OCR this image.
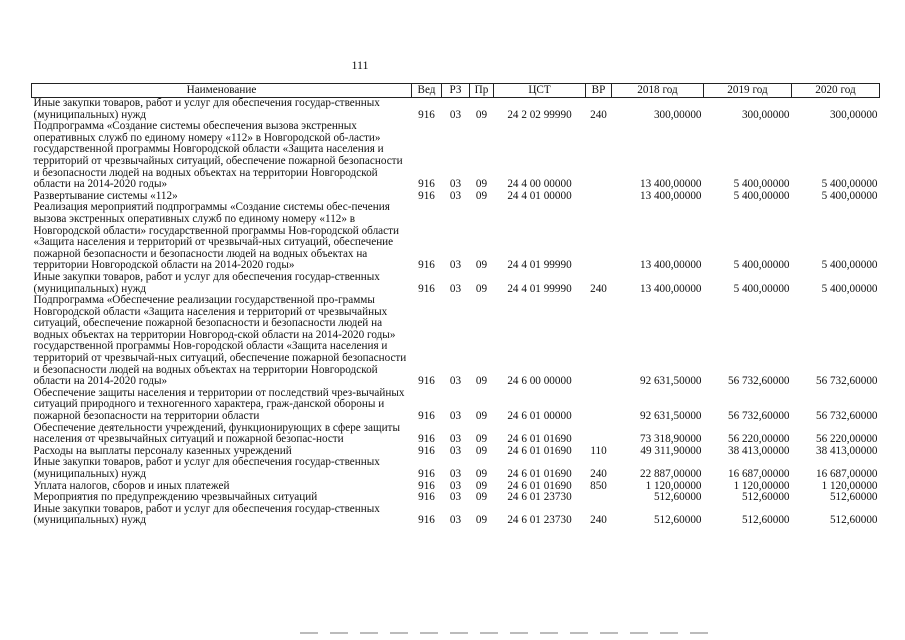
111
Наименование	Вед	РЗ	Пр	ЦСТ	ВР	2018 год	2019 год	2020 год
Иные закупки товаров, работ и услуг для обеспечения государ-ственных (муниципальных) нужд	916	03	09	24 2 02 99990	240	300,00000	300,00000	300,00000
Подпрограмма «Создание системы обеспечения вызова экстренных оперативных служб по единому номеру «112» в Новгородской об-ласти» государственной программы Новгородской области «Защита населения и территорий от чрезвычайных ситуаций, обеспечение пожарной безопасности и безопасности людей на водных объектах на территории Новгородской области на 2014-2020 годы»	916	03	09	24 4 00 00000		13 400,00000	5 400,00000	5 400,00000
Развертывание системы «112»	916	03	09	24 4 01 00000		13 400,00000	5 400,00000	5 400,00000
Реализация мероприятий подпрограммы «Создание системы обес-печения вызова экстренных оперативных служб по единому номеру «112» в Новгородской области» государственной программы Нов-городской области «Защита населения и территорий от чрезвычай-ных ситуаций, обеспечение пожарной безопасности и безопасности людей на водных объектах на территории Новгородской области на 2014-2020 годы»	916	03	09	24 4 01 99990		13 400,00000	5 400,00000	5 400,00000
Иные закупки товаров, работ и услуг для обеспечения государ-ственных (муниципальных) нужд	916	03	09	24 4 01 99990	240	13 400,00000	5 400,00000	5 400,00000
Подпрограмма «Обеспечение реализации государственной про-граммы Новгородской области «Защита населения и территорий от чрезвычайных ситуаций, обеспечение пожарной безопасности и безопасности людей на водных объектах на территории Новгород-ской области на 2014-2020 годы» государственной программы Нов-городской области «Защита населения и территорий от чрезвычай-ных ситуаций, обеспечение пожарной безопасности и безопасности людей на водных объектах на территории Новгородской области на 2014-2020 годы»	916	03	09	24 6 00 00000		92 631,50000	56 732,60000	56 732,60000
Обеспечение защиты населения и территории от последствий чрез-вычайных ситуаций природного и техногенного характера, граж-данской обороны и пожарной безопасности на территории области	916	03	09	24 6 01 00000		92 631,50000	56 732,60000	56 732,60000
Обеспечение деятельности учреждений, функционирующих в сфере защиты населения от чрезвычайных ситуаций и пожарной безопас-ности	916	03	09	24 6 01 01690		73 318,90000	56 220,00000	56 220,00000
Расходы на выплаты персоналу казенных учреждений	916	03	09	24 6 01 01690	110	49 311,90000	38 413,00000	38 413,00000
Иные закупки товаров, работ и услуг для обеспечения государ-ственных (муниципальных) нужд	916	03	09	24 6 01 01690	240	22 887,00000	16 687,00000	16 687,00000
Уплата налогов, сборов и иных платежей	916	03	09	24 6 01 01690	850	1 120,00000	1 120,00000	1 120,00000
Мероприятия по предупреждению чрезвычайных ситуаций	916	03	09	24 6 01 23730		512,60000	512,60000	512,60000
Иные закупки товаров, работ и услуг для обеспечения государ-ственных (муниципальных) нужд	916	03	09	24 6 01 23730	240	512,60000	512,60000	512,60000
